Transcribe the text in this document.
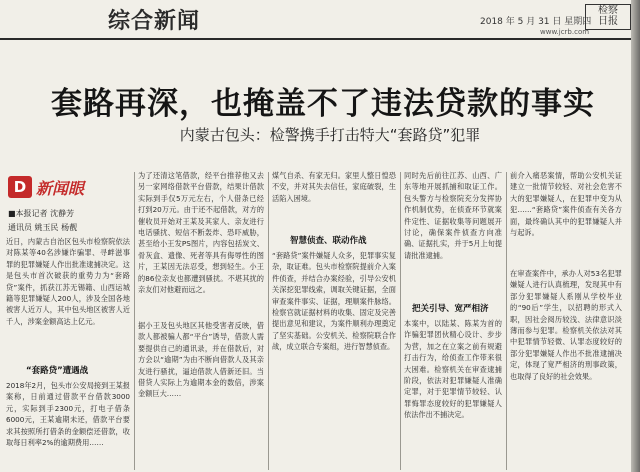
综合新闻	2018 年 5 月 31 日 星期四
www.jcrb.com
检察
日报
套路再深，也掩盖不了违法贷款的事实
内蒙古包头：检警携手打击特大“套路贷”犯罪
D 新闻眼
■本报记者 沈静芳
通讯员 姚玉民 杨靓
近日，内蒙古自治区包头市检察院依法对陈某等40名涉嫌诈骗罪、寻衅滋事罪的犯罪嫌疑人作出批准逮捕决定。这是包头市首次破获的重势力为“套路贷”案件，抓获江苏无锡籍、山西运城籍等犯罪嫌疑人200人，涉及全国各地被害人近万人，其中包头地区被害人近千人，涉案金额高达上亿元。
“套路贷”遭遇战
2018年2月，包头市公安局接到王某报案称，日前通过借款平台借款3000元，实际到手2300元，打电子借条6000元，王某逾期未还，借款平台要求其按照所打借条的金额偿还借款，收取每日利率2%的逾期费用……
为了还清这笔借款，经平台推荐他又去另一家网络借款平台借款，结果计借款实际到手仅5万元左右，个人借条已经打到20万元。由于还不起借款，对方的催收员开始对王某及其家人、亲友进行电话骚扰、短信不断轰炸、恐吓威胁，甚至给小王发PS图片，内容包括炭文、骨灰盒、遗像、死者等具有侮辱性的图片，王某因无法忍受，想到轻生。小王的86位亲友也都遭到骚扰。不堪其扰的亲友们对他避而远之。
据小王及包头地区其他受害者反映，借款人都被骗人都“平台”诱导，借款人需要提供自己的通讯录，并在借款后，对方会以“逾期”为由不断向借款人及其亲友进行骚扰，逼迫借款人借新还旧。当借贷人实际上为逾期本金的数倍，涉案金额巨大……
煤气自杀、有家无归。家里人整日惶恐不安，并对其失去信任，家庭破裂，生活陷入困境。
智慧侦查、联动作战
“套路贷”案件嫌疑人众多，犯罪事实复杂，取证难。包头市检察院提前介入案件侦查，并结合办案经验，引导公安机关深挖犯罪线索，调取关键证据，全面审查案件事实、证据，理顺案件脉络。检察官就证据材料的收集、固定及完善提出意见和建议，为案件顺利办理奠定了坚实基础。公安机关、检察院联合作战，成立联合专案组，进行智慧侦查。
同时先后前往江苏、山西、广东等地开展抓捕和取证工作。包头警方与检察院充分发挥协作机制优势，在侦查环节就案件定性、证据收集等问题展开讨论，确保案件侦查方向准确、证据扎实，并于5月上旬提请批准逮捕。
把关引导、宽严相济
本案中，以陆某、陈某为首的诈骗犯罪团伙精心设计、步步为营，加之在立案之前有规避打击行为，给侦查工作带来很大困难。检察机关在审查逮捕阶段，依法对犯罪嫌疑人准确定罪，对于犯罪情节较轻、认罪悔罪态度较好的犯罪嫌疑人依法作出不捕决定。
前介入痛恶案情，帮助公安机关证建立一批情节较轻、对社会危害不大的犯罪嫌疑人，在犯罪中变为从犯……“套路贷”案件侦查有关各方面，最终确认其中的犯罪嫌疑人并与起诉。
在审查案件中，承办人对53名犯罪嫌疑人进行认真梳理，发现其中有部分犯罪嫌疑人系刚从学校毕业的“90后”学生，以招聘的形式入职，因社会阅历较浅、法律意识淡薄而参与犯罪。检察机关依法对其中犯罪情节轻微、认罪态度较好的部分犯罪嫌疑人作出不批准逮捕决定，体现了宽严相济的刑事政策，也取得了良好的社会效果。
